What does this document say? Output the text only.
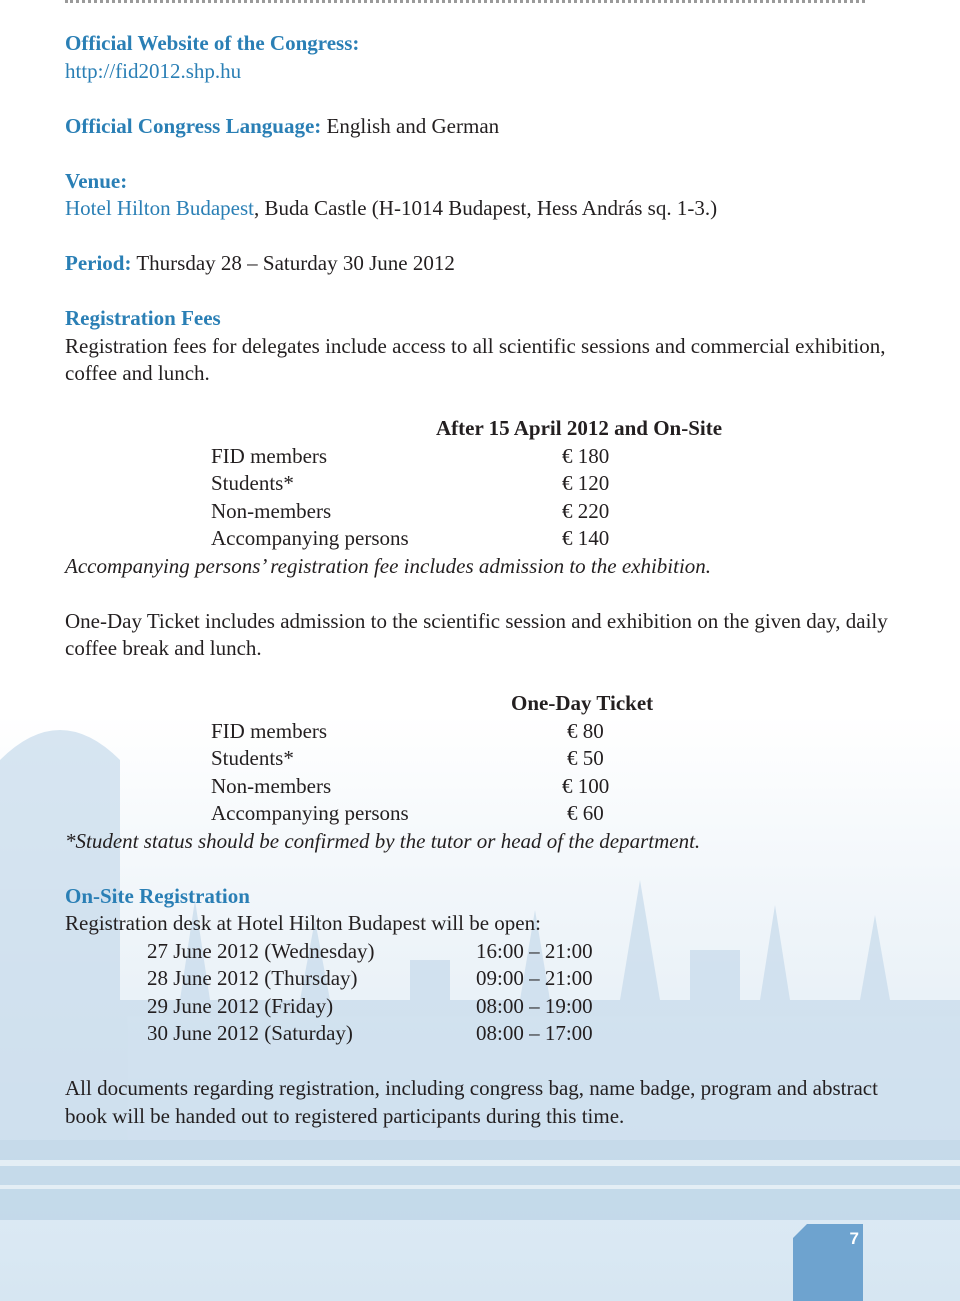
Official Website of the Congress:

http://fid2012.shp.hu

Official Congress Language: English and German

Venue:

Hotel Hilton Budapest, Buda Castle (H-1014 Budapest, Hess András sq. 1-3.)

Period: Thursday 28 – Saturday 30 June 2012

Registration Fees

Registration fees for delegates include access to all scientific sessions and commercial exhibition, coffee and lunch.

After 15 April 2012 and On-Site
FID members	€ 180
Students*	€ 120
Non-members	€ 220
Accompanying persons	€ 140

Accompanying persons’ registration fee includes admission to the exhibition.

One-Day Ticket includes admission to the scientific session and exhibition on the given day, daily coffee break and lunch.

One-Day Ticket
FID members	€ 80
Students*	€ 50
Non-members	€ 100
Accompanying persons	€ 60

*Student status should be confirmed by the tutor or head of the department.

On-Site Registration

Registration desk at Hotel Hilton Budapest will be open:

27 June 2012 (Wednesday)	16:00 – 21:00
28 June 2012 (Thursday)	09:00 – 21:00
29 June 2012 (Friday)	08:00 – 19:00
30 June 2012 (Saturday)	08:00 – 17:00

All documents regarding registration, including congress bag, name badge, program and abstract book will be handed out to registered participants during this time.

7
